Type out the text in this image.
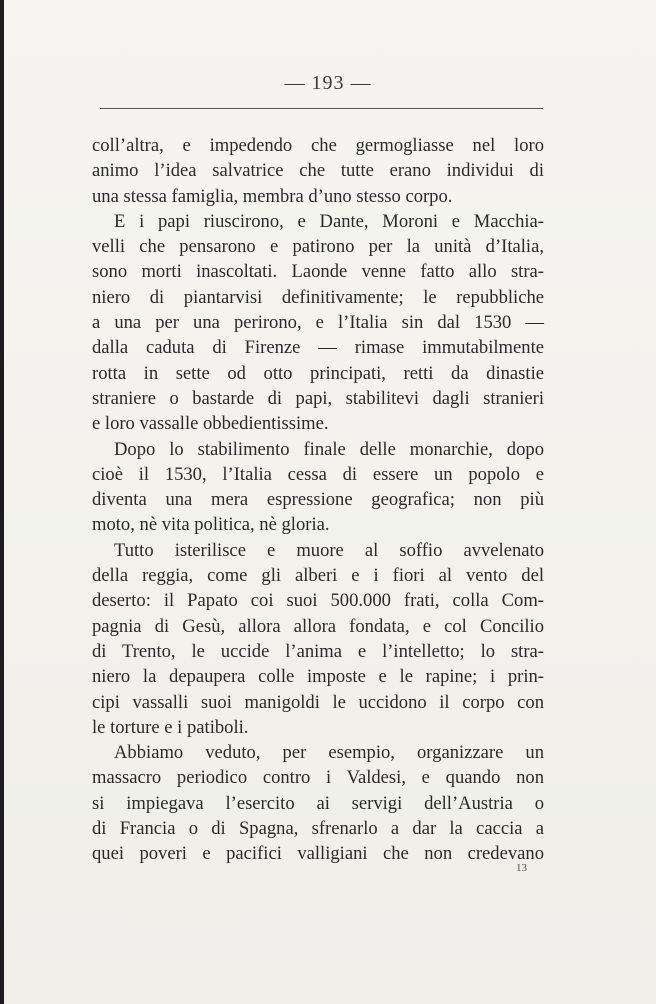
— 193 —
coll’altra, e impedendo che germogliasse nel loro
animo l’idea salvatrice che tutte erano individui di
una stessa famiglia, membra d’uno stesso corpo.
E i papi riuscirono, e Dante, Moroni e Macchia-
velli che pensarono e patirono per la unità d’Italia,
sono morti inascoltati. Laonde venne fatto allo stra-
niero di piantarvisi definitivamente; le repubbliche
a una per una perirono, e l’Italia sin dal 1530 —
dalla caduta di Firenze — rimase immutabilmente
rotta in sette od otto principati, retti da dinastie
straniere o bastarde di papi, stabilitevi dagli stranieri
e loro vassalle obbedientissime.
Dopo lo stabilimento finale delle monarchie, dopo
cioè il 1530, l’Italia cessa di essere un popolo e
diventa una mera espressione geografica; non più
moto, nè vita politica, nè gloria.
Tutto isterilisce e muore al soffio avvelenato
della reggia, come gli alberi e i fiori al vento del
deserto: il Papato coi suoi 500.000 frati, colla Com-
pagnia di Gesù, allora allora fondata, e col Concilio
di Trento, le uccide l’anima e l’intelletto; lo stra-
niero la depaupera colle imposte e le rapine; i prin-
cipi vassalli suoi manigoldi le uccidono il corpo con
le torture e i patiboli.
Abbiamo veduto, per esempio, organizzare un
massacro periodico contro i Valdesi, e quando non
si impiegava l’esercito ai servigi dell’Austria o
di Francia o di Spagna, sfrenarlo a dar la caccia a
quei poveri e pacifici valligiani che non credevano
13
